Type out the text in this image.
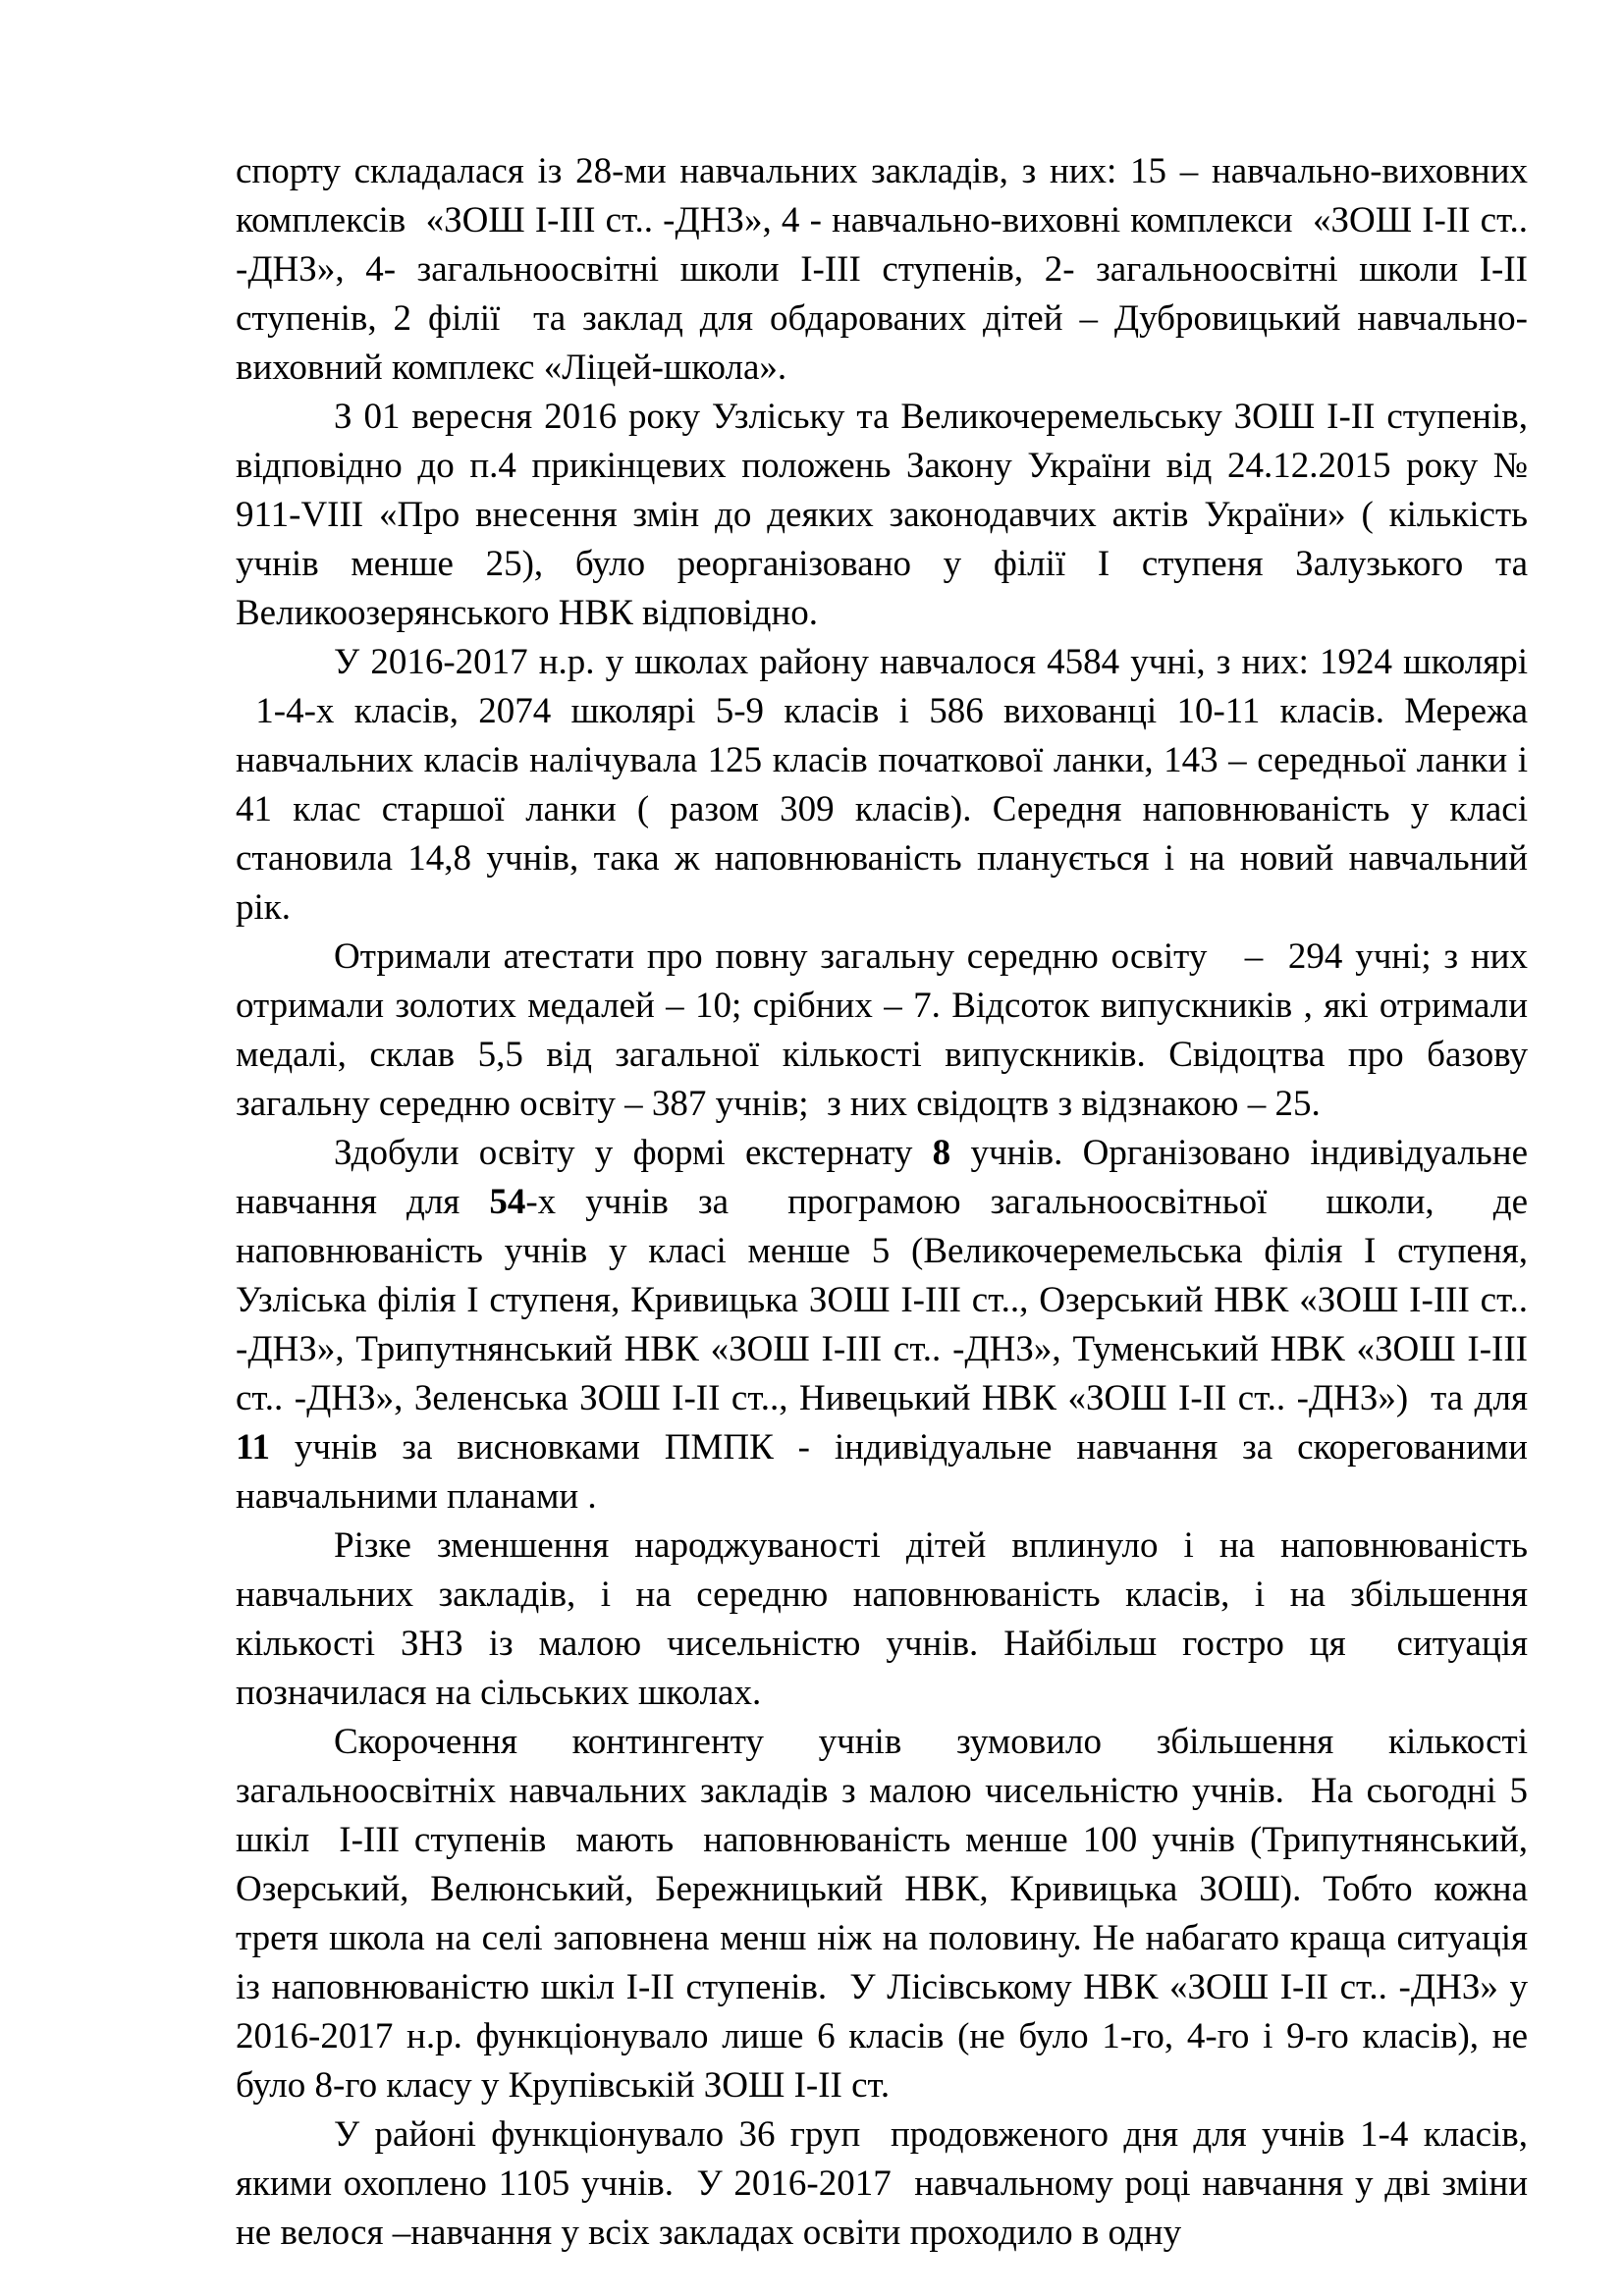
спорту складалася із 28-ми навчальних закладів, з них: 15 – навчально-виховних комплексів  «ЗОШ І-ІІІ ст.. -ДНЗ», 4 - навчально-виховні комплекси  «ЗОШ І-ІІ ст.. -ДНЗ», 4- загальноосвітні школи І-ІІІ ступенів, 2- загальноосвітні школи І-ІІ ступенів, 2 філії  та заклад для обдарованих дітей – Дубровицький навчально-виховний комплекс «Ліцей-школа».

З 01 вересня 2016 року Узліську та Великочеремельську ЗОШ І-ІІ ступенів, відповідно до п.4 прикінцевих положень Закону України від 24.12.2015 року № 911-VIII «Про внесення змін до деяких законодавчих актів України» ( кількість учнів менше 25), було реорганізовано у філії І ступеня Залузького та Великоозерянського НВК відповідно.

У 2016-2017 н.р. у школах району навчалося 4584 учні, з них: 1924 школярі  1-4-х класів, 2074 школярі 5-9 класів і 586 вихованці 10-11 класів. Мережа навчальних класів налічувала 125 класів початкової ланки, 143 – середньої ланки і 41 клас старшої ланки ( разом 309 класів). Середня наповнюваність у класі становила 14,8 учнів, така ж наповнюваність планується і на новий навчальний рік.

Отримали атестати про повну загальну середню освіту   –  294 учні; з них отримали золотих медалей – 10; срібних – 7. Відсоток випускників , які отримали медалі, склав 5,5 від загальної кількості випускників. Свідоцтва про базову загальну середню освіту – 387 учнів;  з них свідоцтв з відзнакою – 25.

Здобули освіту у формі екстернату 8 учнів. Організовано індивідуальне навчання для 54-х учнів за  програмою загальноосвітньої  школи,  де наповнюваність учнів у класі менше 5 (Великочеремельська філія І ступеня, Узліська філія І ступеня, Кривицька ЗОШ І-ІІІ ст.., Озерський НВК «ЗОШ І-ІІІ ст.. -ДНЗ», Трипутнянський НВК «ЗОШ І-ІІІ ст.. -ДНЗ», Туменський НВК «ЗОШ І-ІІІ ст.. -ДНЗ», Зеленська ЗОШ І-ІІ ст.., Нивецький НВК «ЗОШ І-ІІ ст.. -ДНЗ»)  та для 11 учнів за висновками ПМПК - індивідуальне навчання за скорегованими навчальними планами .

Різке зменшення народжуваності дітей вплинуло і на наповнюваність навчальних закладів, і на середню наповнюваність класів, і на збільшення кількості ЗНЗ із малою чисельністю учнів. Найбільш гостро ця  ситуація позначилася на сільських школах.

Скорочення контингенту учнів зумовило збільшення кількості загальноосвітніх навчальних закладів з малою чисельністю учнів.  На сьогодні 5 шкіл  І-ІІІ ступенів  мають  наповнюваність менше 100 учнів (Трипутнянський, Озерський, Велюнський, Бережницький НВК, Кривицька ЗОШ). Тобто кожна третя школа на селі заповнена менш ніж на половину. Не набагато краща ситуація із наповнюваністю шкіл І-ІІ ступенів.  У Лісівському НВК «ЗОШ І-ІІ ст.. -ДНЗ» у 2016-2017 н.р. функціонувало лише 6 класів (не було 1-го, 4-го і 9-го класів), не було 8-го класу у Крупівській ЗОШ І-ІІ ст.

У районі функціонувало 36 груп  продовженого дня для учнів 1-4 класів, якими охоплено 1105 учнів.  У 2016-2017  навчальному році навчання у дві зміни не велося –навчання у всіх закладах освіти проходило в одну
